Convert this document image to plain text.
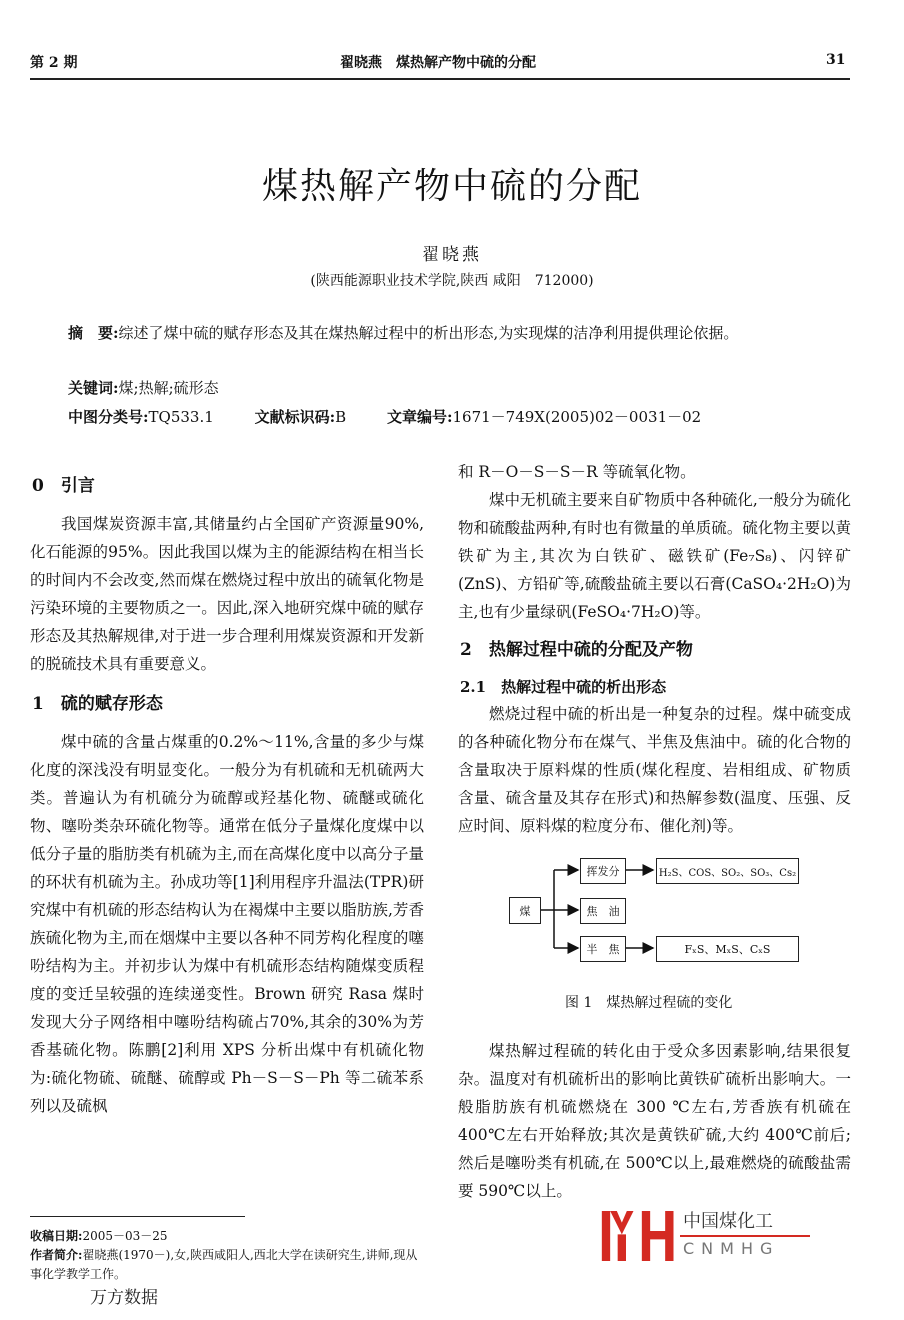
第 2 期	翟晓燕　煤热解产物中硫的分配	31
煤热解产物中硫的分配
翟晓燕
(陕西能源职业技术学院,陕西 咸阳　712000)
摘　要:综述了煤中硫的赋存形态及其在煤热解过程中的析出形态,为实现煤的洁净利用提供理论依据。
关键词:煤;热解;硫形态
中图分类号:TQ533.1	文献标识码:B	文章编号:1671－749X(2005)02－0031－02
0　引言

我国煤炭资源丰富,其储量约占全国矿产资源量90%,化石能源的95%。因此我国以煤为主的能源结构在相当长的时间内不会改变,然而煤在燃烧过程中放出的硫氧化物是污染环境的主要物质之一。因此,深入地研究煤中硫的赋存形态及其热解规律,对于进一步合理利用煤炭资源和开发新的脱硫技术具有重要意义。

1　硫的赋存形态

煤中硫的含量占煤重的0.2%～11%,含量的多少与煤化度的深浅没有明显变化。一般分为有机硫和无机硫两大类。普遍认为有机硫分为硫醇或羟基化物、硫醚或硫化物、噻吩类杂环硫化物等。通常在低分子量煤化度煤中以低分子量的脂肪类有机硫为主,而在高煤化度中以高分子量的环状有机硫为主。孙成功等[1]利用程序升温法(TPR)研究煤中有机硫的形态结构认为在褐煤中主要以脂肪族,芳香族硫化物为主,而在烟煤中主要以各种不同芳构化程度的噻吩结构为主。并初步认为煤中有机硫形态结构随煤变质程度的变迁呈较强的连续递变性。Brown 研究 Rasa 煤时发现大分子网络相中噻吩结构硫占70%,其余的30%为芳香基硫化物。陈鹏[2]利用 XPS 分析出煤中有机硫化物为:硫化物硫、硫醚、硫醇或 Ph－S－S－Ph 等二硫苯系列以及硫枫

收稿日期:2005－03－25
作者简介:翟晓燕(1970－),女,陕西咸阳人,西北大学在读研究生,讲师,现从事化学教学工作。
万方数据

和 R－O－S－S－R 等硫氧化物。

煤中无机硫主要来自矿物质中各种硫化,一般分为硫化物和硫酸盐两种,有时也有微量的单质硫。硫化物主要以黄铁矿为主,其次为白铁矿、磁铁矿(Fe₇S₈)、闪锌矿(ZnS)、方铅矿等,硫酸盐硫主要以石膏(CaSO₄·2H₂O)为主,也有少量绿矾(FeSO₄·7H₂O)等。

2　热解过程中硫的分配及产物
2.1　热解过程中硫的析出形态

燃烧过程中硫的析出是一种复杂的过程。煤中硫变成的各种硫化物分布在煤气、半焦及焦油中。硫的化合物的含量取决于原料煤的性质(煤化程度、岩相组成、矿物质含量、硫含量及其存在形式)和热解参数(温度、压强、反应时间、原料煤的粒度分布、催化剂)等。

煤
挥发分
焦　油
半　焦
H₂S、COS、SO₂、SO₃、Cs₂
FₓS、MₓS、CₓS
图 1　煤热解过程硫的变化

煤热解过程硫的转化由于受众多因素影响,结果很复杂。温度对有机硫析出的影响比黄铁矿硫析出影响大。一般脂肪族有机硫燃烧在 300 ℃左右,芳香族有机硫在 400℃左右开始释放;其次是黄铁矿硫,大约 400℃前后;然后是噻吩类有机硫,在 500℃以上,最难燃烧的硫酸盐需要 590℃以上。

中国煤化工
CNMHG
